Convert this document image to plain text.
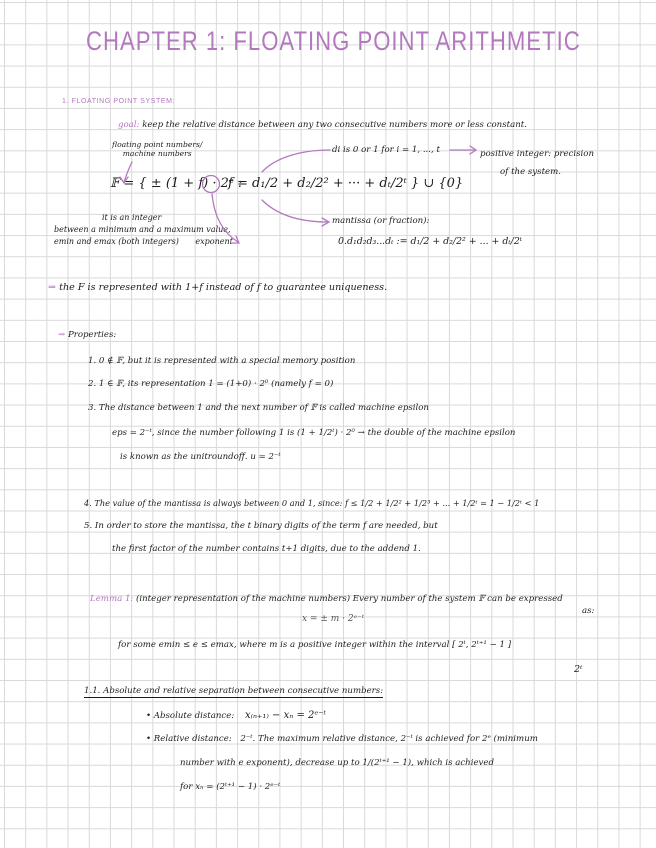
CHAPTER 1: FLOATING POINT ARITHMETIC
1. FLOATING POINT SYSTEM:
goal: keep the relative distance between any two consecutive numbers more or less constant.
floating point numbers/
machine numbers	di is 0 or 1 for i = 1, ..., t	positive integer: precision
of the system.
𝔽 = { ± (1 + f) · 2ᵉ :
f = d₁/2 + d₂/2² + ··· + dₜ/2ᵗ } ∪ {0}
it is an integer
between a minimum and a maximum value,
emin and emax (both integers) exponent
mantissa (or fraction):
0.d₁d₂d₃...dₜ := d₁/2 + d₂/2² + ... + dₜ/2ᵗ
⇒ the F is represented with 1+f instead of f to guarantee uniqueness.
⇝ Properties:
1. 0 ∉ 𝔽, but it is represented with a special memory position
2. 1 ∈ 𝔽, its representation 1 = (1+0) · 2⁰ (namely f = 0)
3. The distance between 1 and the next number of 𝔽 is called machine epsilon
eps = 2⁻ᵗ, since the number following 1 is (1 + 1/2ᵗ) · 2⁰ → the double of the machine epsilon
is known as the unitroundoff. u = 2⁻ᵗ
4. The value of the mantissa is always between 0 and 1, since: f ≤ 1/2 + 1/2² + 1/2³ + ... + 1/2ᵗ = 1 − 1/2ᵗ < 1
5. In order to store the mantissa, the t binary digits of the term f are needed, but
the first factor of the number contains t+1 digits, due to the addend 1.
Lemma 1: (integer representation of the machine numbers) Every number of the system 𝔽 can be expressed
as:
x = ± m · 2ᵉ⁻ᵗ
for some emin ≤ e ≤ emax, where m is a positive integer within the interval [ 2ᵗ, 2ᵗ⁺¹ − 1 ]
2ᵗ
1.1. Absolute and relative separation between consecutive numbers:
• Absolute distance: x₍ₙ₊₁₎ − xₙ = 2ᵉ⁻ᵗ
• Relative distance: 2⁻ᵗ. The maximum relative distance, 2⁻ᵗ is achieved for 2ᵉ (minimum
number with e exponent), decrease up to 1/(2ᵗ⁺¹ − 1), which is achieved
for xₙ = (2ᵗ⁺¹ − 1) · 2ᵉ⁻ᵗ
